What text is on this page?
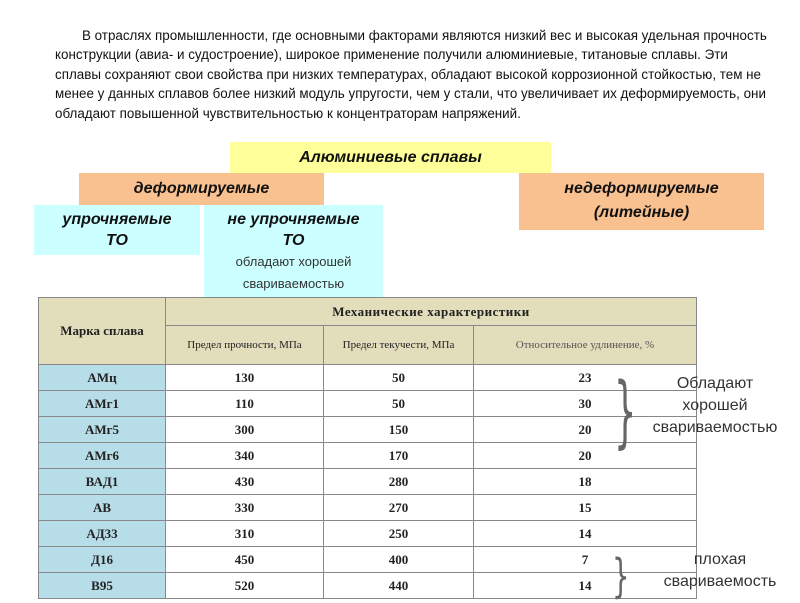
В отраслях промышленности, где основными факторами являются низкий вес и высокая удельная прочность конструкции (авиа- и судостроение), широкое применение получили алюминиевые, титановые сплавы. Эти сплавы сохраняют свои свойства при низких температурах, обладают высокой коррозионной стойкостью, тем не менее у данных сплавов более низкий модуль упругости, чем у стали, что увеличивает их деформируемость, они обладают повышенной чувствительностью к концентраторам напряжений.
Алюминиевые сплавы
деформируемые	недеформируемые
(литейные)
упрочняемые
ТО
не упрочняемые
ТО
обладают хорошей
свариваемостью
Марка сплава	Механические характеристики		
	Предел прочности, МПа	Предел текучести, МПа	Относительное удлинение, %
АМц	130	50	23
АМг1	110	50	30
АМг5	300	150	20
АМг6	340	170	20
ВАД1	430	280	18
АВ	330	270	15
АД33	310	250	14
Д16	450	400	7
В95	520	440	14
}	Обладают
хорошей
свариваемостью
}	плохая
свариваемость
